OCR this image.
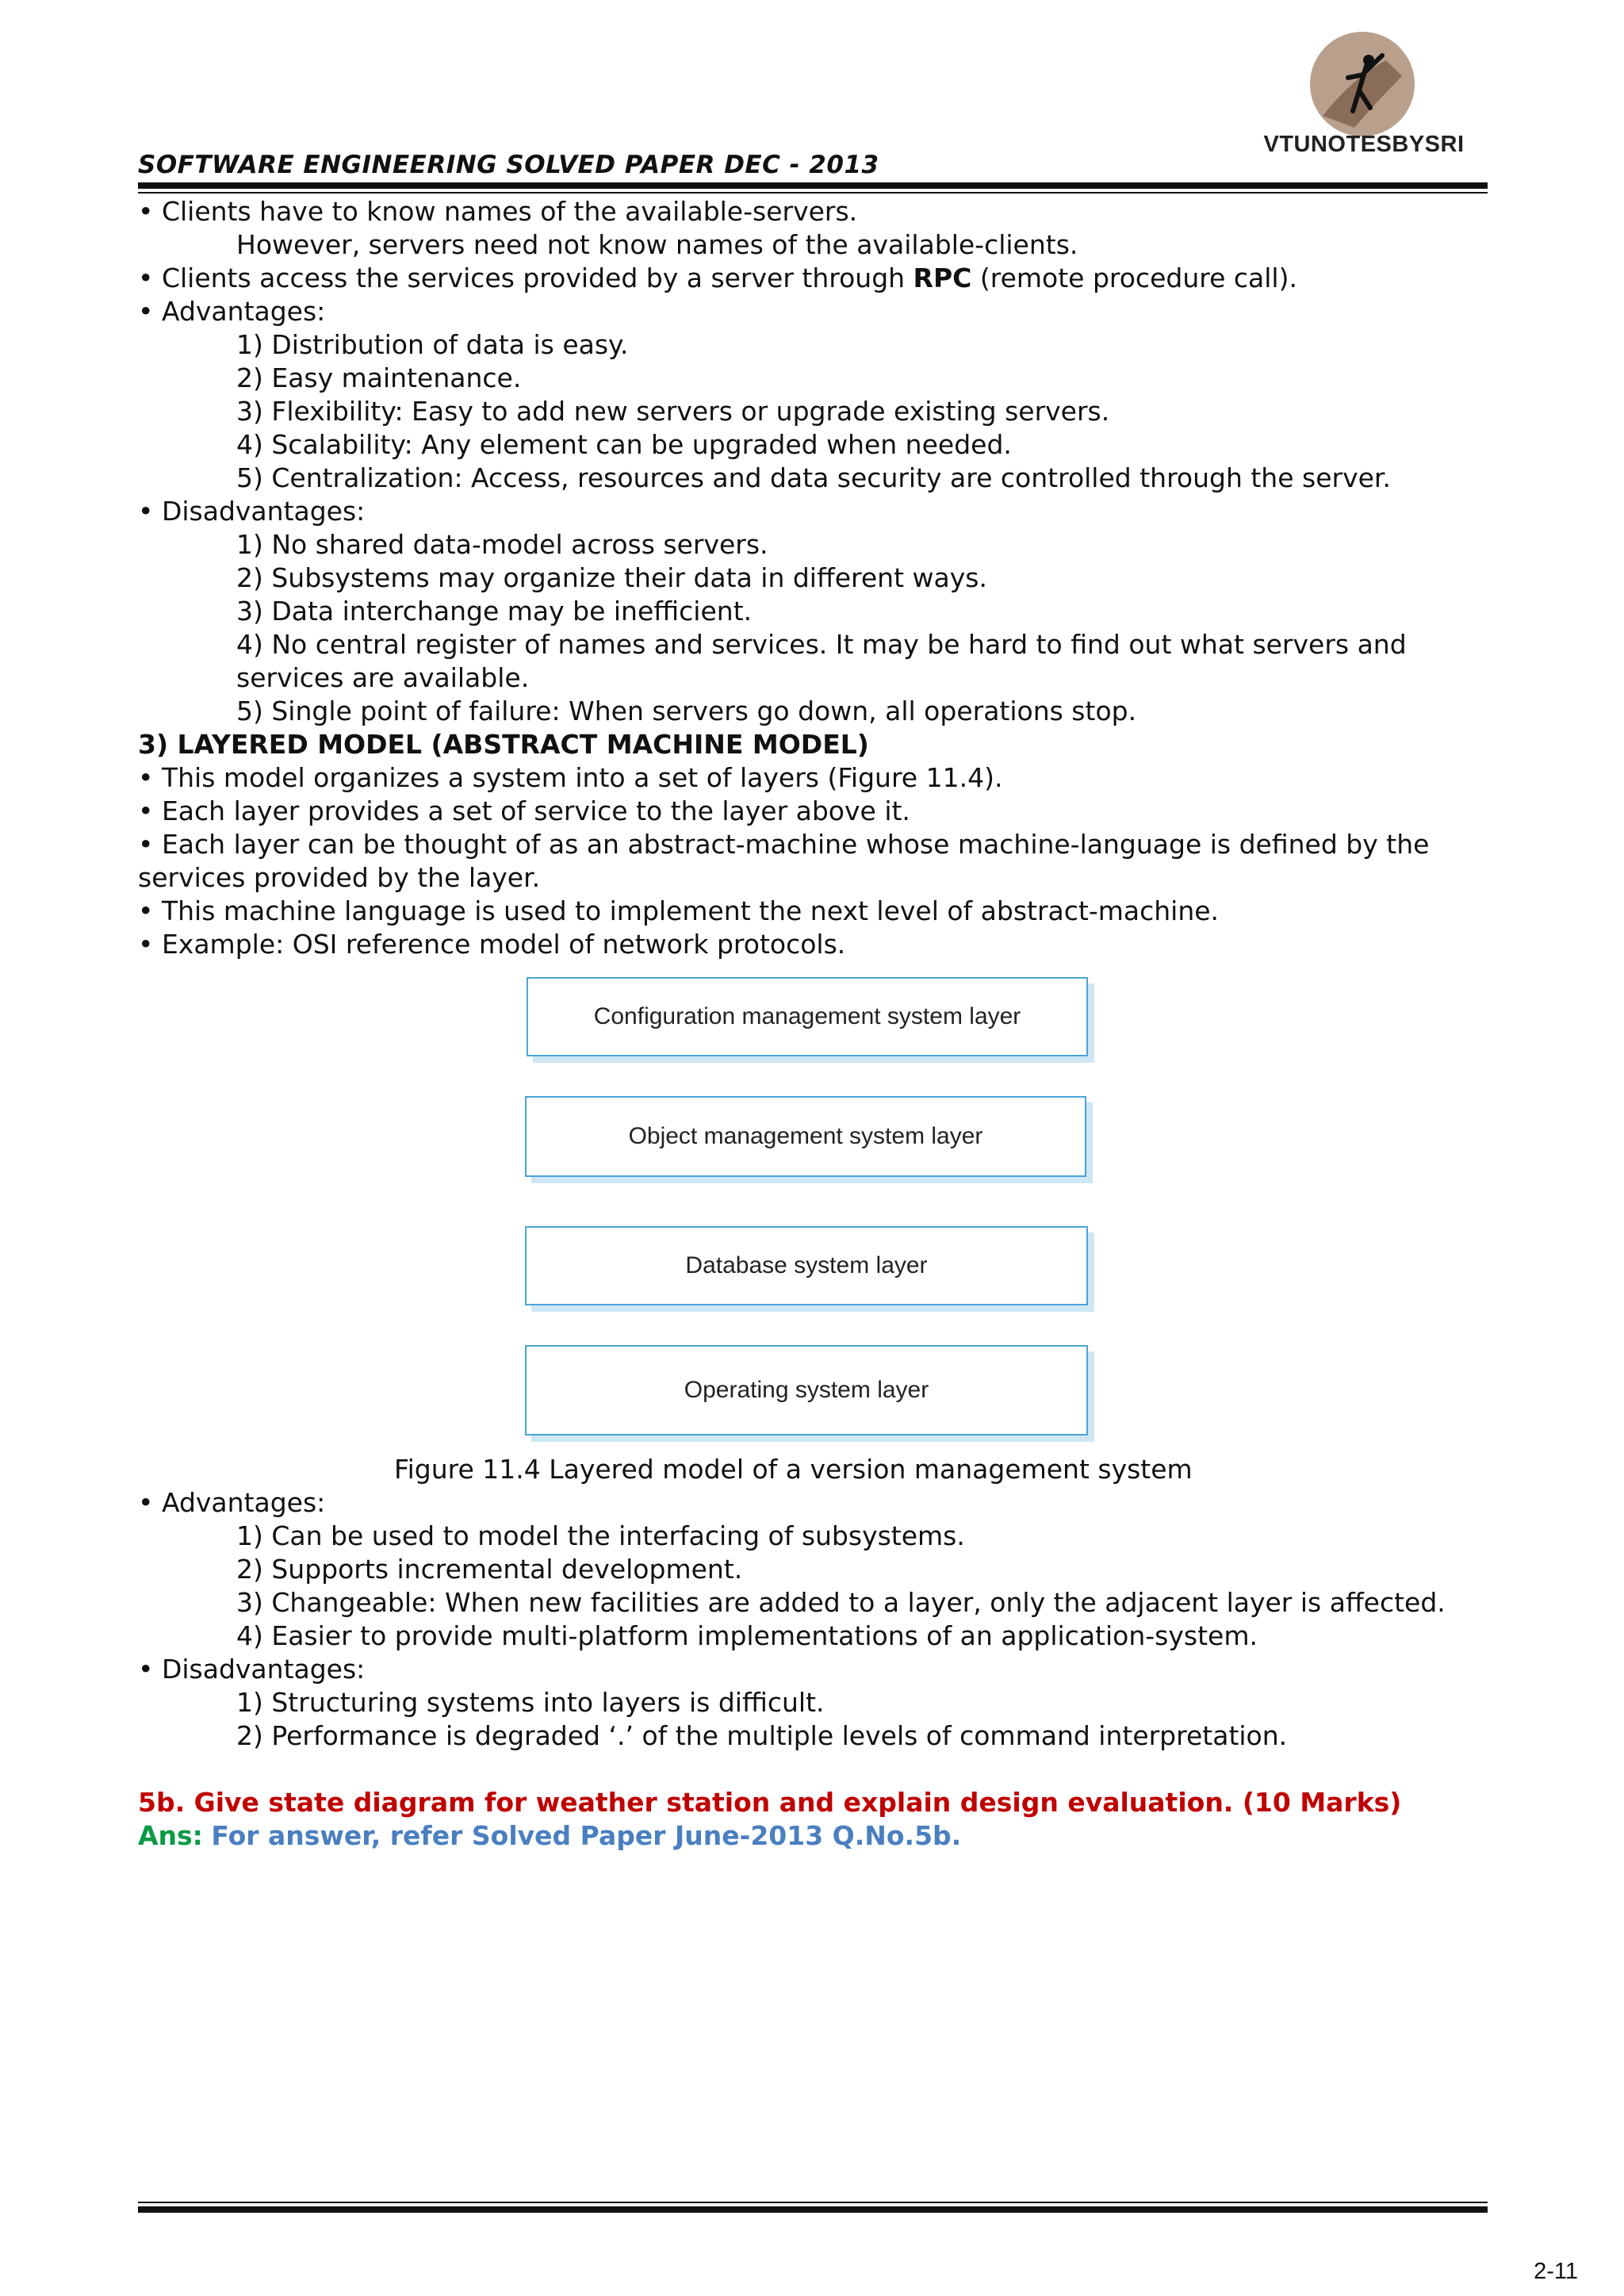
SOFTWARE ENGINEERING SOLVED PAPER DEC - 2013
VTUNOTESBYSRI
• Clients have to know names of the available-servers.
However, servers need not know names of the available-clients.
• Clients access the services provided by a server through RPC (remote procedure call).
• Advantages:
1) Distribution of data is easy.
2) Easy maintenance.
3) Flexibility: Easy to add new servers or upgrade existing servers.
4) Scalability: Any element can be upgraded when needed.
5) Centralization: Access, resources and data security are controlled through the server.
• Disadvantages:
1) No shared data-model across servers.
2) Subsystems may organize their data in different ways.
3) Data interchange may be inefficient.
4) No central register of names and services. It may be hard to find out what servers and services are available.
5) Single point of failure: When servers go down, all operations stop.
3) LAYERED MODEL (ABSTRACT MACHINE MODEL)
• This model organizes a system into a set of layers (Figure 11.4).
• Each layer provides a set of service to the layer above it.
• Each layer can be thought of as an abstract-machine whose machine-language is defined by the services provided by the layer.
• This machine language is used to implement the next level of abstract-machine.
• Example: OSI reference model of network protocols.
Configuration management system layer
Object management system layer
Database system layer
Operating system layer
Figure 11.4 Layered model of a version management system
• Advantages:
1) Can be used to model the interfacing of subsystems.
2) Supports incremental development.
3) Changeable: When new facilities are added to a layer, only the adjacent layer is affected.
4) Easier to provide multi-platform implementations of an application-system.
• Disadvantages:
1) Structuring systems into layers is difficult.
2) Performance is degraded ‘.’ of the multiple levels of command interpretation.
5b. Give state diagram for weather station and explain design evaluation. (10 Marks)
Ans: For answer, refer Solved Paper June-2013 Q.No.5b.
2-11
